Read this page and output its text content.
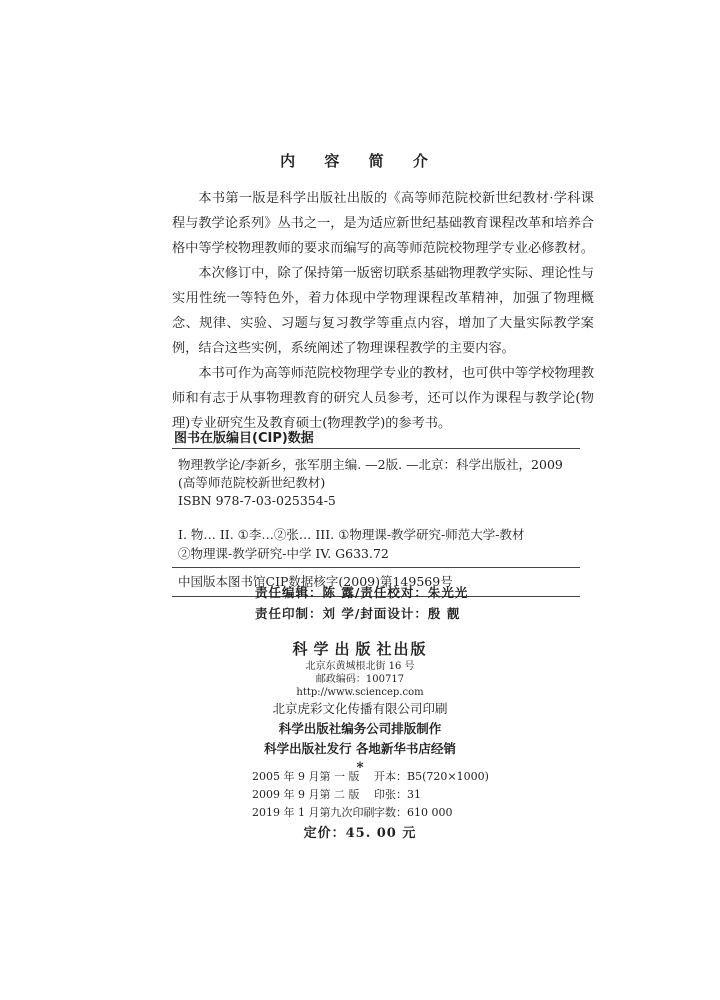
内 容 简 介

本书第一版是科学出版社出版的《高等师范院校新世纪教材·学科课程与教学论系列》丛书之一，是为适应新世纪基础教育课程改革和培养合格中等学校物理教师的要求而编写的高等师范院校物理学专业必修教材。

本次修订中，除了保持第一版密切联系基础物理教学实际、理论性与实用性统一等特色外，着力体现中学物理课程改革精神，加强了物理概念、规律、实验、习题与复习教学等重点内容，增加了大量实际教学案例，结合这些实例，系统阐述了物理课程教学的主要内容。

本书可作为高等师范院校物理学专业的教材，也可供中等学校物理教师和有志于从事物理教育的研究人员参考，还可以作为课程与教学论(物理)专业研究生及教育硕士(物理教学)的参考书。

图书在版编目(CIP)数据
物理教学论/李新乡，张军朋主编. —2版. —北京：科学出版社，2009
(高等师范院校新世纪教材)
ISBN 978-7-03-025354-5
I. 物… II. ①李…②张… III. ①物理课-教学研究-师范大学-教材
②物理课-教学研究-中学 IV. G633.72
中国版本图书馆CIP数据核字(2009)第149569号
责任编辑：陈 露/责任校对：朱光光
责任印制：刘 学/封面设计：殷 靓
科学出版社出版
北京东黄城根北街 16 号
邮政编码：100717
http://www.sciencep.com
北京虎彩文化传播有限公司印刷
科学出版社编务公司排版制作
科学出版社发行 各地新华书店经销
*
2005 年 9 月第 一 版 开本：B5(720×1000)
2009 年 9 月第 二 版 印张：31
2019 年 1 月第九次印刷字数：610 000
定价：45. 00 元
